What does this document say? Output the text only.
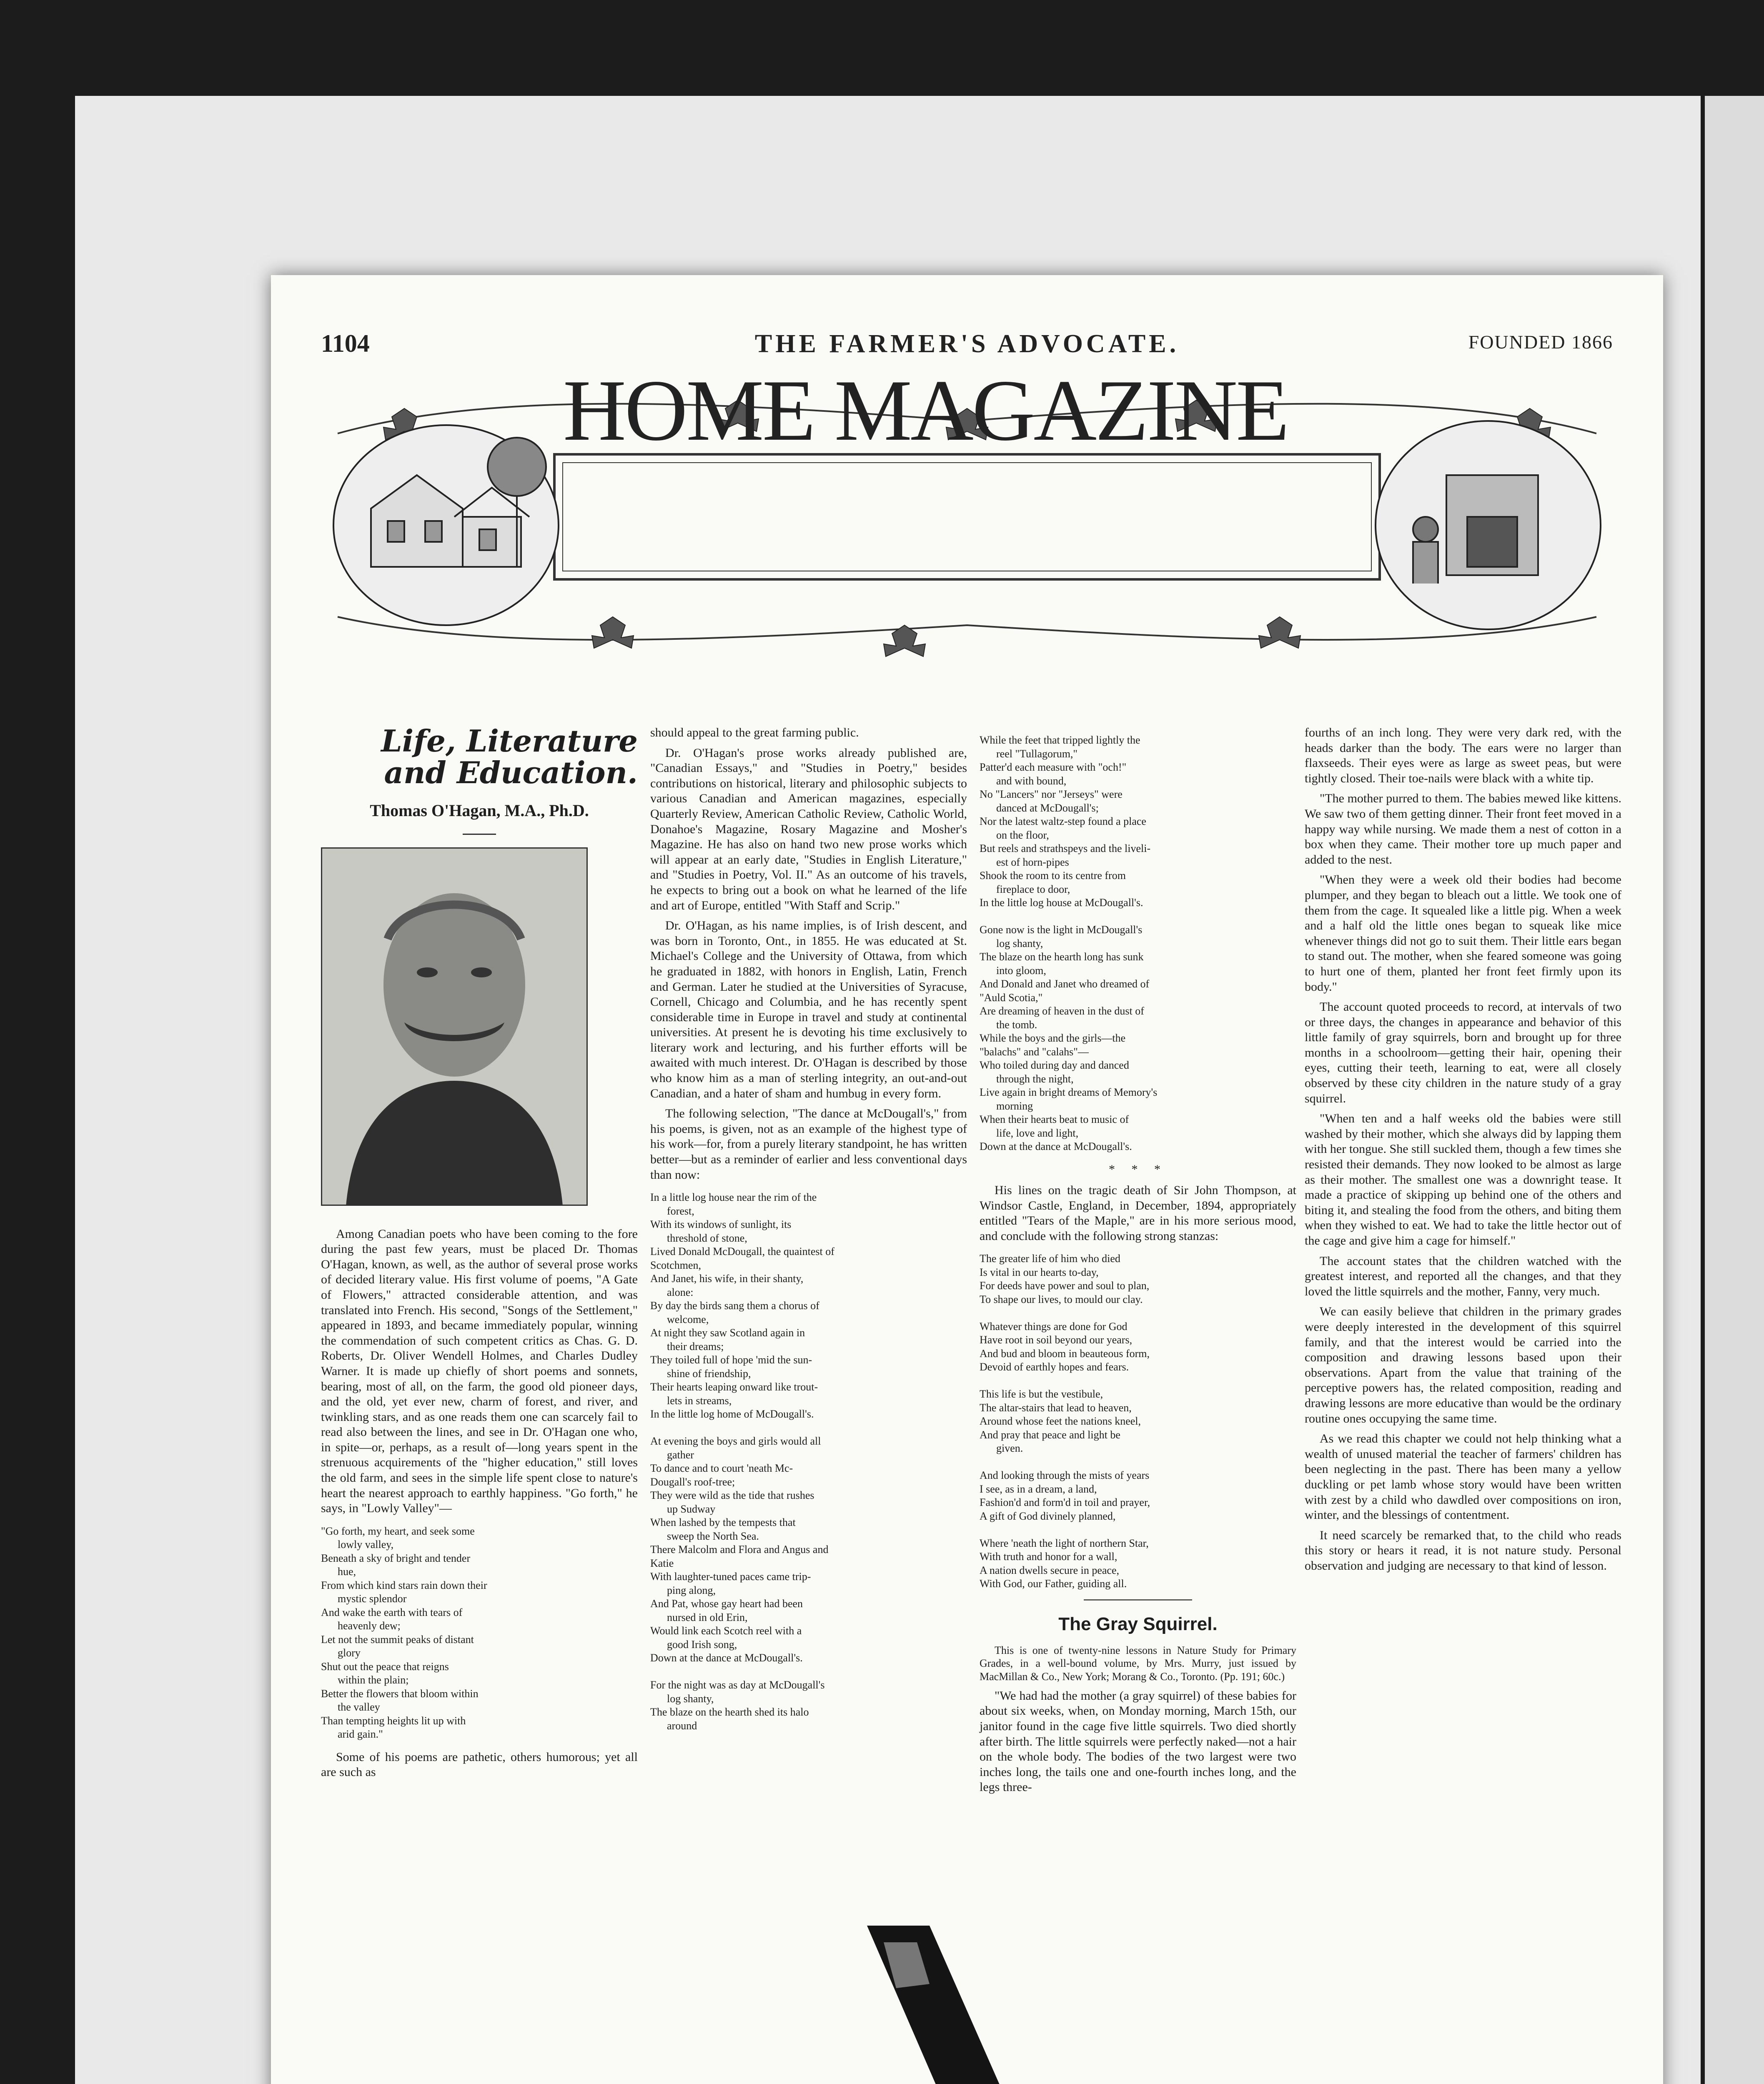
1104	THE FARMER'S ADVOCATE.	FOUNDED 1866
HOME MAGAZINE
Life, Literature
and Education.
Thomas O'Hagan, M.A., Ph.D.

Among Canadian poets who have been coming to the fore during the past few years, must be placed Dr. Thomas O'Hagan, known, as well, as the author of several prose works of decided literary value. His first volume of poems, "A Gate of Flowers," attracted considerable attention, and was translated into French. His second, "Songs of the Settlement," appeared in 1893, and became immediately popular, winning the commendation of such competent critics as Chas. G. D. Roberts, Dr. Oliver Wendell Holmes, and Charles Dudley Warner. It is made up chiefly of short poems and sonnets, bearing, most of all, on the farm, the good old pioneer days, and the old, yet ever new, charm of forest, and river, and twinkling stars, and as one reads them one can scarcely fail to read also between the lines, and see in Dr. O'Hagan one who, in spite—or, perhaps, as a result of—long years spent in the strenuous acquirements of the "higher education," still loves the old farm, and sees in the simple life spent close to nature's heart the nearest approach to earthly happiness. "Go forth," he says, in "Lowly Valley"—

"Go forth, my heart, and seek some
lowly valley,
Beneath a sky of bright and tender
hue,
From which kind stars rain down their
mystic splendor
And wake the earth with tears of
heavenly dew;
Let not the summit peaks of distant
glory
Shut out the peace that reigns
within the plain;
Better the flowers that bloom within
the valley
Than tempting heights lit up with
arid gain."

Some of his poems are pathetic, others humorous; yet all are such as

should appeal to the great farming public.

Dr. O'Hagan's prose works already published are, "Canadian Essays," and "Studies in Poetry," besides contributions on historical, literary and philosophic subjects to various Canadian and American magazines, especially Quarterly Review, American Catholic Review, Catholic World, Donahoe's Magazine, Rosary Magazine and Mosher's Magazine. He has also on hand two new prose works which will appear at an early date, "Studies in English Literature," and "Studies in Poetry, Vol. II." As an outcome of his travels, he expects to bring out a book on what he learned of the life and art of Europe, entitled "With Staff and Scrip."

Dr. O'Hagan, as his name implies, is of Irish descent, and was born in Toronto, Ont., in 1855. He was educated at St. Michael's College and the University of Ottawa, from which he graduated in 1882, with honors in English, Latin, French and German. Later he studied at the Universities of Syracuse, Cornell, Chicago and Columbia, and he has recently spent considerable time in Europe in travel and study at continental universities. At present he is devoting his time exclusively to literary work and lecturing, and his further efforts will be awaited with much interest. Dr. O'Hagan is described by those who know him as a man of sterling integrity, an out-and-out Canadian, and a hater of sham and humbug in every form.

The following selection, "The dance at McDougall's," from his poems, is given, not as an example of the highest type of his work—for, from a purely literary standpoint, he has written better—but as a reminder of earlier and less conventional days than now:

In a little log house near the rim of the
forest,
With its windows of sunlight, its
threshold of stone,
Lived Donald McDougall, the quaintest of
Scotchmen,
And Janet, his wife, in their shanty,
alone:
By day the birds sang them a chorus of
welcome,
At night they saw Scotland again in
their dreams;
They toiled full of hope 'mid the sun-
shine of friendship,
Their hearts leaping onward like trout-
lets in streams,
In the little log home of McDougall's.

At evening the boys and girls would all
gather
To dance and to court 'neath Mc-
Dougall's roof-tree;
They were wild as the tide that rushes
up Sudway
When lashed by the tempests that
sweep the North Sea.
There Malcolm and Flora and Angus and
Katie
With laughter-tuned paces came trip-
ping along,
And Pat, whose gay heart had been
nursed in old Erin,
Would link each Scotch reel with a
good Irish song,
Down at the dance at McDougall's.

For the night was as day at McDougall's
log shanty,
The blaze on the hearth shed its halo
around
While the feet that tripped lightly the
reel "Tullagorum,"
Patter'd each measure with "och!"
and with bound,
No "Lancers" nor "Jerseys" were
danced at McDougall's;
Nor the latest waltz-step found a place
on the floor,
But reels and strathspeys and the liveli-
est of horn-pipes
Shook the room to its centre from
fireplace to door,
In the little log house at McDougall's.

Gone now is the light in McDougall's
log shanty,
The blaze on the hearth long has sunk
into gloom,
And Donald and Janet who dreamed of
"Auld Scotia,"
Are dreaming of heaven in the dust of
the tomb.
While the boys and the girls—the
"balachs" and "calahs"—
Who toiled during day and danced
through the night,
Live again in bright dreams of Memory's
morning
When their hearts beat to music of
life, love and light,
Down at the dance at McDougall's.
* * *

His lines on the tragic death of Sir John Thompson, at Windsor Castle, England, in December, 1894, appropriately entitled "Tears of the Maple," are in his more serious mood, and conclude with the following strong stanzas:

The greater life of him who died
Is vital in our hearts to-day,
For deeds have power and soul to plan,
To shape our lives, to mould our clay.

Whatever things are done for God
Have root in soil beyond our years,
And bud and bloom in beauteous form,
Devoid of earthly hopes and fears.

This life is but the vestibule,
The altar-stairs that lead to heaven,
Around whose feet the nations kneel,
And pray that peace and light be
given.

And looking through the mists of years
I see, as in a dream, a land,
Fashion'd and form'd in toil and prayer,
A gift of God divinely planned,

Where 'neath the light of northern Star,
With truth and honor for a wall,
A nation dwells secure in peace,
With God, our Father, guiding all.
The Gray Squirrel.

This is one of twenty-nine lessons in Nature Study for Primary Grades, in a well-bound volume, by Mrs. Murry, just issued by MacMillan & Co., New York; Morang & Co., Toronto. (Pp. 191; 60c.)

"We had had the mother (a gray squirrel) of these babies for about six weeks, when, on Monday morning, March 15th, our janitor found in the cage five little squirrels. Two died shortly after birth. The little squirrels were perfectly naked—not a hair on the whole body. The bodies of the two largest were two inches long, the tails one and one-fourth inches long, and the legs three-

fourths of an inch long. They were very dark red, with the heads darker than the body. The ears were no larger than flaxseeds. Their eyes were as large as sweet peas, but were tightly closed. Their toe-nails were black with a white tip.

"The mother purred to them. The babies mewed like kittens. We saw two of them getting dinner. Their front feet moved in a happy way while nursing. We made them a nest of cotton in a box when they came. Their mother tore up much paper and added to the nest.

"When they were a week old their bodies had become plumper, and they began to bleach out a little. We took one of them from the cage. It squealed like a little pig. When a week and a half old the little ones began to squeak like mice whenever things did not go to suit them. Their little ears began to stand out. The mother, when she feared someone was going to hurt one of them, planted her front feet firmly upon its body."

The account quoted proceeds to record, at intervals of two or three days, the changes in appearance and behavior of this little family of gray squirrels, born and brought up for three months in a schoolroom—getting their hair, opening their eyes, cutting their teeth, learning to eat, were all closely observed by these city children in the nature study of a gray squirrel.

"When ten and a half weeks old the babies were still washed by their mother, which she always did by lapping them with her tongue. She still suckled them, though a few times she resisted their demands. They now looked to be almost as large as their mother. The smallest one was a downright tease. It made a practice of skipping up behind one of the others and biting it, and stealing the food from the others, and biting them when they wished to eat. We had to take the little hector out of the cage and give him a cage for himself."

The account states that the children watched with the greatest interest, and reported all the changes, and that they loved the little squirrels and the mother, Fanny, very much.

We can easily believe that children in the primary grades were deeply interested in the development of this squirrel family, and that the interest would be carried into the composition and drawing lessons based upon their observations. Apart from the value that training of the perceptive powers has, the related composition, reading and drawing lessons are more educative than would be the ordinary routine ones occupying the same time.

As we read this chapter we could not help thinking what a wealth of unused material the teacher of farmers' children has been neglecting in the past. There has been many a yellow duckling or pet lamb whose story would have been written with zest by a child who dawdled over compositions on iron, winter, and the blessings of contentment.

It need scarcely be remarked that, to the child who reads this story or hears it read, it is not nature study. Personal observation and judging are necessary to that kind of lesson.
